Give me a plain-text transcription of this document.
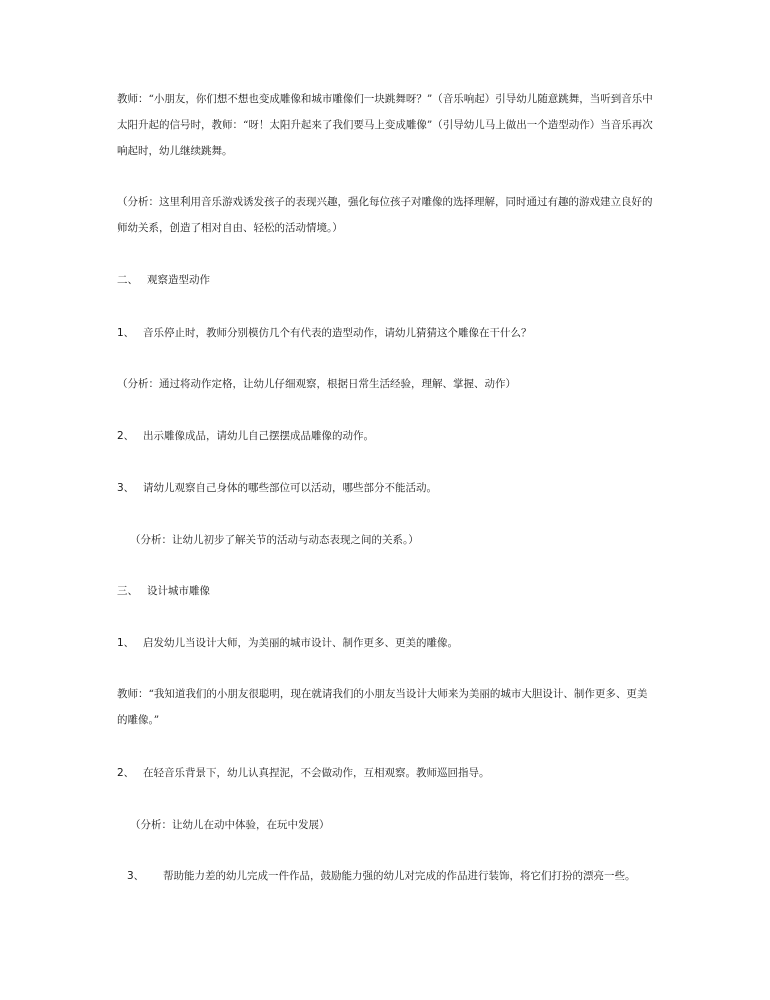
教师：“小朋友，你们想不想也变成雕像和城市雕像们一块跳舞呀？”（音乐响起）引导幼儿随意跳舞，当听到音乐中太阳升起的信号时，教师：“呀！太阳升起来了我们要马上变成雕像”（引导幼儿马上做出一个造型动作）当音乐再次响起时，幼儿继续跳舞。
（分析：这里利用音乐游戏诱发孩子的表现兴趣，强化每位孩子对雕像的选择理解，同时通过有趣的游戏建立良好的师幼关系，创造了相对自由、轻松的活动情境。）
二、 观察造型动作
1、 音乐停止时，教师分别模仿几个有代表的造型动作，请幼儿猜猜这个雕像在干什么？
（分析：通过将动作定格，让幼儿仔细观察，根据日常生活经验，理解、掌握、动作）
2、 出示雕像成品，请幼儿自己摆摆成品雕像的动作。
3、 请幼儿观察自己身体的哪些部位可以活动，哪些部分不能活动。
（分析：让幼儿初步了解关节的活动与动态表现之间的关系。）
三、 设计城市雕像
1、 启发幼儿当设计大师，为美丽的城市设计、制作更多、更美的雕像。
教师：“我知道我们的小朋友很聪明，现在就请我们的小朋友当设计大师来为美丽的城市大胆设计、制作更多、更美的雕像。”
2、 在轻音乐背景下，幼儿认真捏泥，不会做动作，互相观察。教师巡回指导。
（分析：让幼儿在动中体验，在玩中发展）
3、 帮助能力差的幼儿完成一件作品，鼓励能力强的幼儿对完成的作品进行装饰，将它们打扮的漂亮一些。
